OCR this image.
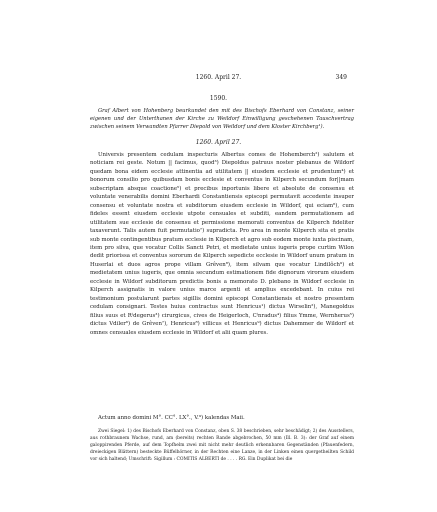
1260. April 27.	349
1590.
Graf Albert von Hohenberg beurkundet den mit des Bischofs Eberhard von Constanz, seiner eigenen und der Unterthanen der Kirche zu Weildorf Einwilligung geschehenen Tauschvertrag zwischen seinem Verwandten Pfarrer Diepold von Weildorf und dem Kloster Kirchberg¹).
1260. April 27.

Universis presentem cedulam inspecturis Albertus comes de Hohemberch²) salutem et noticiam rei geste. Notum || facimus, quod³) Diepoldus patruus noster plebanus de Wildorf quedam bona eidem ecclesie attinentia ad utilitatem || eiusdem ecclesie et prudentum⁴) et bonorum consilio pro quibusdam bonis ecclesie et conventus in Kilperch secundum for||mam subscriptam absque coactione⁵) et precibus inportunis libere et absolute de consensu et voluntate venerabilis domini Eberhardi Constantiensis episcopi permutavit accedente insuper consensu et voluntate nostra et subditorum eiusdem ecclesie in Wildorf, qui eciam⁶), cum fideles essent eiusdem ecclesie utpote censuales et subditi, eandem permutationem ad utilitatem sue ecclesie de consensu et permissione memorati conventus de Kilperch fideliter taxaverunt. Talis autem fuit permutatio⁷) supradicta. Pro area in monte Kilperch sita et pratis sub monte contingentibus pratum ecclesie in Kilperch et agro sub eodem monte iuxta piscinam, item pro silva, que vocatur Collis Sancti Petri, et medietate unius iugeris prope curtim Wilon dedit priorissa et conventus sororum de Kilperch sepedicte ecclesie in Wildorf unum pratum in Huserlai et duos agros prope villam Grêven⁸), item silvam que vocatur Lindilôch⁹) et medietatem unius iugeris, que omnia secundum estimationem fide dignorum virorum eiusdem ecclesie in Wildorf subditorum predictis bonis a memorato D. plebano in Wildorf ecclesie in Kilperch assignatis in valore unius marce argenti et amplius excedebant. In cuius rei testimonium postularunt partes sigillis domini episcopi Constantiensis et nostro presentem cedulam consignari. Testes huius contractus sunt Henricus¹) dictus Wirselin²), Manegoldus filius suus et R⁽degerus³) cirurgicus, cives de Heigerloch, C⁽nradus⁴) filius Ymme, Wernherus⁵) dictus Vdiler⁶) de Grêven⁷), Henricus⁸) villicus et Henricus⁹) dictus Dahemmer de Wildorf et omnes censuales eiusdem ecclesie in Wildorf et alii quam plures.

Actum anno domini M°. CC°. LX°., V.⁹) kalendas Maii.

Zwei Siegel: 1) des Bischofs Eberhard von Constanz, oben S. 38 beschrieben, sehr beschädigt; 2) des Ausstellers, aus rothbraunem Wachse, rund, am (bereits) rechten Rande abgebrochen, 50 mm (Ill. B. 3): der Graf auf einem galoppirenden Pferde, auf dem Topfhelm zwei mit nicht mehr deutlich erkennbaren Gegenständen (Pfauenfedern, dreieckigen Blättern) besteckte Büffelhörner, in der Rechten eine Lanze, in der Linken einen quergetheilten Schild vor sich haltend; Umschrift: Sigillum : COMITIS ALBERTI de . . . . RG. Ein Duplikat bei die
